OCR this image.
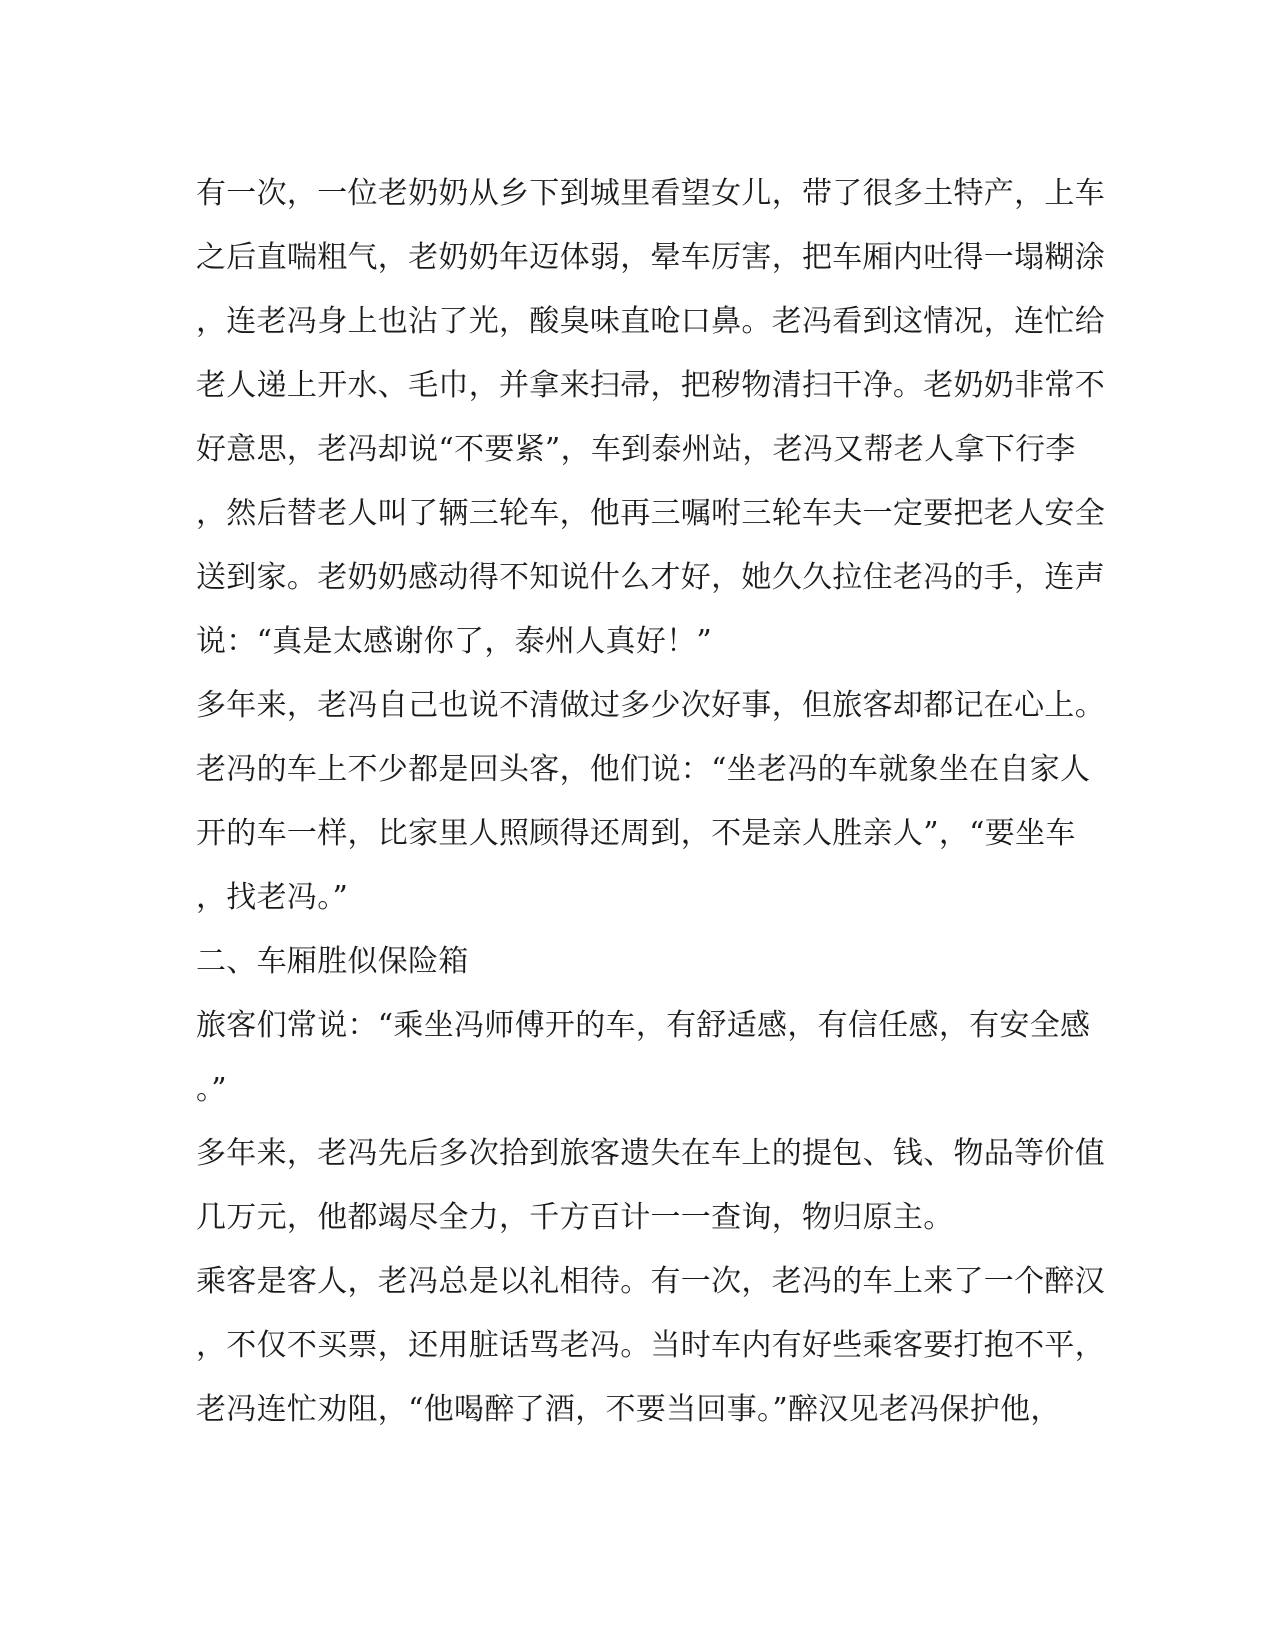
有一次，一位老奶奶从乡下到城里看望女儿，带了很多土特产，上车
之后直喘粗气，老奶奶年迈体弱，晕车厉害，把车厢内吐得一塌糊涂
，连老冯身上也沾了光，酸臭味直呛口鼻。老冯看到这情况，连忙给
老人递上开水、毛巾，并拿来扫帚，把秽物清扫干净。老奶奶非常不
好意思，老冯却说“不要紧”，车到泰州站，老冯又帮老人拿下行李
，然后替老人叫了辆三轮车，他再三嘱咐三轮车夫一定要把老人安全
送到家。老奶奶感动得不知说什么才好，她久久拉住老冯的手，连声
说：“真是太感谢你了，泰州人真好！”
多年来，老冯自己也说不清做过多少次好事，但旅客却都记在心上。
老冯的车上不少都是回头客，他们说：“坐老冯的车就象坐在自家人
开的车一样，比家里人照顾得还周到，不是亲人胜亲人”，“要坐车
，找老冯。”
二、车厢胜似保险箱
旅客们常说：“乘坐冯师傅开的车，有舒适感，有信任感，有安全感
。”
多年来，老冯先后多次拾到旅客遗失在车上的提包、钱、物品等价值
几万元，他都竭尽全力，千方百计一一查询，物归原主。
乘客是客人，老冯总是以礼相待。有一次，老冯的车上来了一个醉汉
，不仅不买票，还用脏话骂老冯。当时车内有好些乘客要打抱不平，
老冯连忙劝阻，“他喝醉了酒，不要当回事。”醉汉见老冯保护他，
